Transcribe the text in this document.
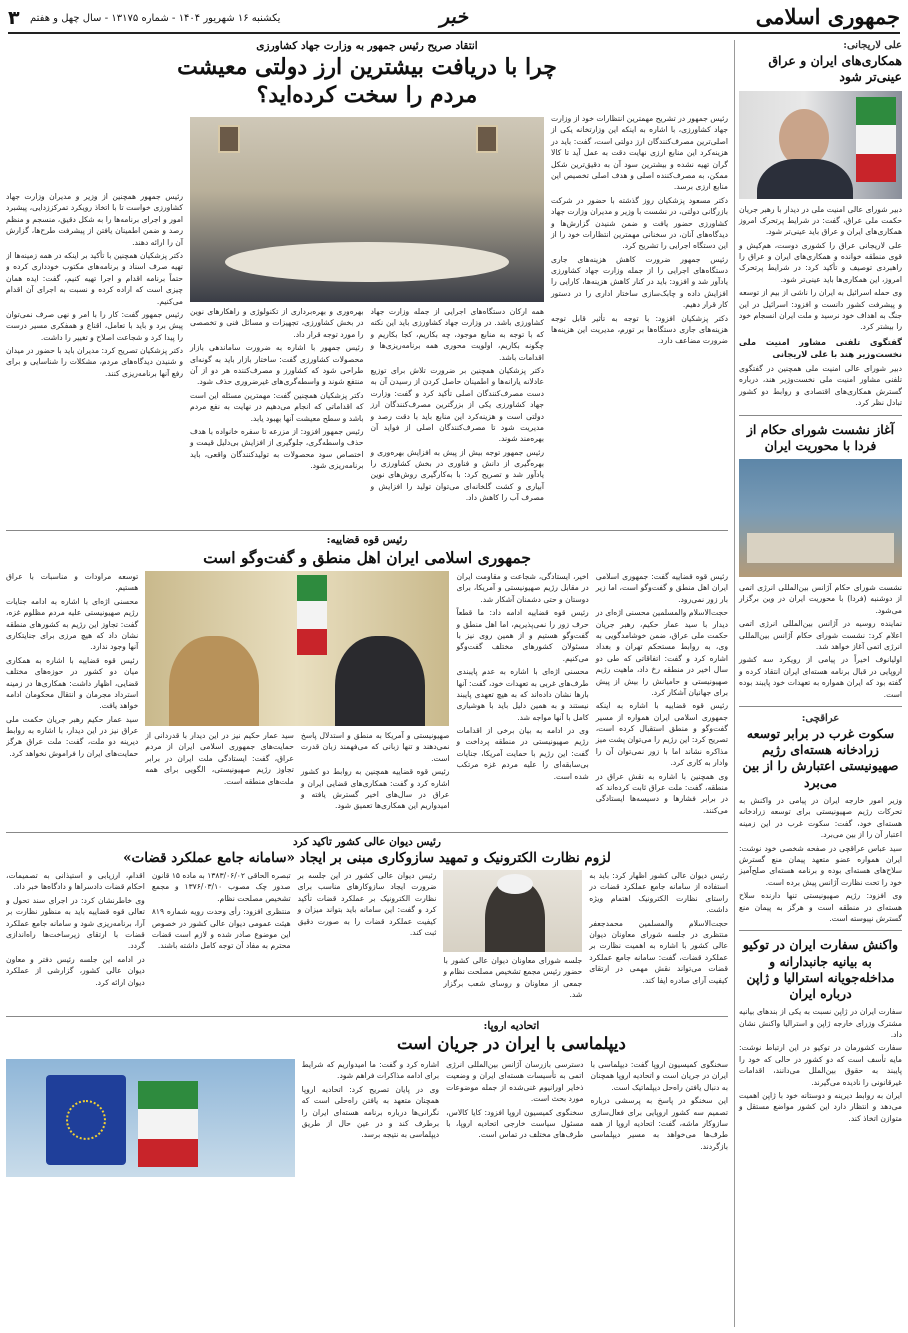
جمهوری اسلامی
خبر
یکشنبه ۱۶ شهریور ۱۴۰۴ - شماره ۱۳۱۷۵ - سال چهل و هفتم
۳
علی لاریجانی:
همکاری‌های ایران و عراق عینی‌تر شود

دبیر شورای عالی امنیت ملی در دیدار با رهبر جریان حکمت ملی عراق، گفت: در شرایط پرتحرک امروز همکاری‌های ایران و عراق باید عینی‌تر شود.

علی لاریجانی عراق را کشوری دوست، هم‌کیش و قوی منطقه خوانده و همکاری‌های ایران و عراق را راهبردی توصیف و تأکید کرد: در شرایط پرتحرک امروز، این همکاری‌ها باید عینی‌تر شود.

وی حمله اسرائیل به ایران را ناشی از بیم از توسعه و پیشرفت کشور دانست و افزود: اسرائیل در این جنگ به اهداف خود نرسید و ملت ایران انسجام خود را بیشتر کرد.

گفتگوی تلفنی مشاور امنیت ملی نخست‌وزیر هند با علی لاریجانی

دبیر شورای عالی امنیت ملی همچنین در گفتگوی تلفنی مشاور امنیت ملی نخست‌وزیر هند، درباره گسترش همکاری‌های اقتصادی و روابط دو کشور تبادل نظر کرد.

آغاز نشست شورای حکام از فردا با محوریت ایران

نشست شورای حکام آژانس بین‌المللی انرژی اتمی از دوشنبه (فردا) با محوریت ایران در وین برگزار می‌شود.

نماینده روسیه در آژانس بین‌المللی انرژی اتمی اعلام کرد: نشست شورای حکام آژانس بین‌المللی انرژی اتمی آغاز خواهد شد.

اولیانوف اخیراً در پیامی از رویکرد سه کشور اروپایی در قبال برنامه هسته‌ای ایران انتقاد کرده و گفته بود که ایران همواره به تعهدات خود پایبند بوده است.

عراقچی:
سکوت غرب در برابر توسعه زرادخانه هسته‌ای رژیم صهیونیستی اعتبارش را از بین می‌برد

وزیر امور خارجه ایران در پیامی در واکنش به تحرکات رژیم صهیونیستی برای توسعه زرادخانه هسته‌ای خود، گفت: سکوت غرب در این زمینه اعتبار آن را از بین می‌برد.

سید عباس عراقچی در صفحه شخصی خود نوشت: ایران همواره عضو متعهد پیمان منع گسترش سلاح‌های هسته‌ای بوده و برنامه هسته‌ای صلح‌آمیز خود را تحت نظارت آژانس پیش برده است.

وی افزود: رژیم صهیونیستی تنها دارنده سلاح هسته‌ای در منطقه است و هرگز به پیمان منع گسترش نپیوسته است.

واکنش سفارت ایران در توکیو به بیانیه جانبدارانه و مداخله‌جویانه استرالیا و ژاپن درباره ایران

سفارت ایران در ژاپن نسبت به یکی از بندهای بیانیه مشترک وزرای خارجه ژاپن و استرالیا واکنش نشان داد.

سفارت کشورمان در توکیو در این ارتباط نوشت: مایه تأسف است که دو کشور در حالی که خود را پایبند به حقوق بین‌الملل می‌دانند، اقدامات غیرقانونی را نادیده می‌گیرند.

ایران به روابط دیرینه و دوستانه خود با ژاپن اهمیت می‌دهد و انتظار دارد این کشور مواضع مستقل و متوازن اتخاذ کند.

انتقاد صریح رئیس جمهور به وزارت جهاد کشاورزی
چرا با دریافت بیشترین ارز دولتی معیشت مردم را سخت کرده‌اید؟

رئیس جمهور در تشریح مهمترین انتظارات خود از وزارت جهاد کشاورزی، با اشاره به اینکه این وزارتخانه یکی از اصلی‌ترین مصرف‌کنندگان ارز دولتی است، گفت: باید در هزینه‌کرد این منابع ارزی نهایت دقت به عمل آید تا کالا گران تهیه نشده و بیشترین سود آن به دقیق‌ترین شکل ممکن، به مصرف‌کننده اصلی و هدف اصلی تخصیص این منابع ارزی برسد.

دکتر مسعود پزشکیان روز گذشته با حضور در شرکت بازرگانی دولتی، در نشست با وزیر و مدیران وزارت جهاد کشاورزی حضور یافت و ضمن شنیدن گزارش‌ها و دیدگاه‌های آنان، در سخنانی مهمترین انتظارات خود را از این دستگاه اجرایی را تشریح کرد.

رئیس جمهور ضرورت کاهش هزینه‌های جاری دستگاه‌های اجرایی را از جمله وزارت جهاد کشاورزی یادآور شد و افزود: باید در کنار کاهش هزینه‌ها، کارایی را افزایش داده و چابک‌سازی ساختار اداری را در دستور کار قرار دهیم.

دکتر پزشکیان افزود: با توجه به تأثیر قابل توجه هزینه‌های جاری دستگاه‌ها بر تورم، مدیریت این هزینه‌ها ضرورت مضاعف دارد.

همه ارکان دستگاه‌های اجرایی از جمله وزارت جهاد کشاورزی باشد. در وزارت جهاد کشاورزی باید این نکته که با توجه به منابع موجود، چه بکاریم، کجا بکاریم و چگونه بکاریم، اولویت محوری همه برنامه‌ریزی‌ها و اقدامات باشد.

دکتر پزشکیان همچنین بر ضرورت تلاش برای توزیع عادلانه یارانه‌ها و اطمینان حاصل کردن از رسیدن آن به دست مصرف‌کنندگان اصلی تأکید کرد و گفت: وزارت جهاد کشاورزی یکی از بزرگترین مصرف‌کنندگان ارز دولتی است و هزینه‌کرد این منابع باید با دقت رصد و مدیریت شود تا مصرف‌کنندگان اصلی از فواید آن بهره‌مند شوند.

رئیس جمهور توجه بیش از پیش به افزایش بهره‌وری و بهره‌گیری از دانش و فناوری در بخش کشاورزی را یادآور شد و تصریح کرد: با به‌کارگیری روش‌های نوین آبیاری و کشت گلخانه‌ای می‌توان تولید را افزایش و مصرف آب را کاهش داد.

بهره‌وری و بهره‌برداری از تکنولوژی و راهکارهای نوین در بخش کشاورزی، تجهیزات و مسائل فنی و تخصصی را مورد توجه قرار داد.

رئیس جمهور با اشاره به ضرورت ساماندهی بازار محصولات کشاورزی گفت: ساختار بازار باید به گونه‌ای طراحی شود که کشاورز و مصرف‌کننده هر دو از آن منتفع شوند و واسطه‌گری‌های غیرضروری حذف شود.

دکتر پزشکیان همچنین گفت: مهمترین مسئله این است که اقداماتی که انجام می‌دهیم در نهایت به نفع مردم باشد و سطح معیشت آنها بهبود یابد.

رئیس جمهور افزود: از مزرعه تا سفره خانواده با هدف حذف واسطه‌گری، جلوگیری از افزایش بی‌دلیل قیمت و اختصاص سود محصولات به تولیدکنندگان واقعی، باید برنامه‌ریزی شود.

رئیس جمهور همچنین از وزیر و مدیران وزارت جهاد کشاورزی خواست تا با اتخاذ رویکرد تمرکززدایی، پیشبرد امور و اجرای برنامه‌ها را به شکل دقیق، منسجم و منظم رصد و ضمن اطمینان یافتن از پیشرفت طرح‌ها، گزارش آن را ارائه دهند.

دکتر پزشکیان همچنین با تأکید بر اینکه در همه زمینه‌ها از تهیه صرف اسناد و برنامه‌های مکتوب خودداری کرده و حتماً برنامه اقدام و اجرا تهیه کنیم، گفت: ایده همان چیزی است که اراده کرده و نسبت به اجرای آن اقدام می‌کنیم.

رئیس جمهور گفت: کار را با امر و نهی صرف نمی‌توان پیش برد و باید با تعامل، اقناع و همفکری مسیر درست را پیدا کرد و شجاعت اصلاح و تغییر را داشت.

دکتر پزشکیان تصریح کرد: مدیران باید با حضور در میدان و شنیدن دیدگاه‌های مردم، مشکلات را شناسایی و برای رفع آنها برنامه‌ریزی کنند.

رئیس قوه قضاییه:
جمهوری اسلامی ایران اهل منطق و گفت‌وگو است

رئیس قوه قضاییه گفت: جمهوری اسلامی ایران اهل منطق و گفت‌وگو است، اما زیر بار زور نمی‌رود.

حجت‌الاسلام والمسلمین محسنی اژه‌ای در دیدار با سید عمار حکیم، رهبر جریان حکمت ملی عراق، ضمن خوشامدگویی به وی، به روابط مستحکم تهران و بغداد اشاره کرد و گفت: اتفاقاتی که طی دو سال اخیر در منطقه رخ داد، ماهیت رژیم صهیونیستی و حامیانش را بیش از پیش برای جهانیان آشکار کرد.

رئیس قوه قضاییه با اشاره به اینکه جمهوری اسلامی ایران همواره از مسیر گفت‌وگو و منطق استقبال کرده است، تصریح کرد: این رژیم را می‌توان پشت میز مذاکره نشاند اما با زور نمی‌توان آن را وادار به کاری کرد.

وی همچنین با اشاره به نقش عراق در منطقه، گفت: ملت عراق ثابت کرده‌اند که در برابر فشارها و دسیسه‌ها ایستادگی می‌کنند.

اخیر، ایستادگی، شجاعت و مقاومت ایران در مقابل رژیم صهیونیستی و آمریکا، برای دوستان و حتی دشمنان آشکار شد.

رئیس قوه قضاییه ادامه داد: ما قطعاً حرف زور را نمی‌پذیریم، اما اهل منطق و گفت‌وگو هستیم و از همین روی نیز با مسئولان کشورهای مختلف گفت‌وگو می‌کنیم.

محسنی اژه‌ای با اشاره به عدم پایبندی طرف‌های غربی به تعهدات خود، گفت: آنها بارها نشان داده‌اند که به هیچ تعهدی پایبند نیستند و به همین دلیل باید با هوشیاری کامل با آنها مواجه شد.

وی در ادامه به بیان برخی از اقدامات رژیم صهیونیستی در منطقه پرداخت و گفت: این رژیم با حمایت آمریکا، جنایات بی‌سابقه‌ای را علیه مردم غزه مرتکب شده است.

صهیونیستی و آمریکا به منطق و استدلال پاسخ نمی‌دهند و تنها زبانی که می‌فهمند زبان قدرت است.

رئیس قوه قضاییه همچنین به روابط دو کشور اشاره کرد و گفت: همکاری‌های قضایی ایران و عراق در سال‌های اخیر گسترش یافته و امیدواریم این همکاری‌ها تعمیق شود.

سید عمار حکیم نیز در این دیدار با قدردانی از حمایت‌های جمهوری اسلامی ایران از مردم عراق، گفت: ایستادگی ملت ایران در برابر تجاوز رژیم صهیونیستی، الگویی برای همه ملت‌های منطقه است.

توسعه مراودات و مناسبات با عراق هستیم.

محسنی اژه‌ای با اشاره به ادامه جنایات رژیم صهیونیستی علیه مردم مظلوم غزه، گفت: تجاوز این رژیم به کشورهای منطقه نشان داد که هیچ مرزی برای جنایتکاری آنها وجود ندارد.

رئیس قوه قضاییه با اشاره به همکاری میان دو کشور در حوزه‌های مختلف قضایی، اظهار داشت: همکاری‌ها در زمینه استرداد مجرمان و انتقال محکومان ادامه خواهد یافت.

سید عمار حکیم رهبر جریان حکمت ملی عراق نیز در این دیدار، با اشاره به روابط دیرینه دو ملت، گفت: ملت عراق هرگز حمایت‌های ایران را فراموش نخواهد کرد.

رئیس دیوان عالی کشور تأکید کرد
لزوم نظارت الکترونیک و تمهید سازوکاری مبنی بر ایجاد «سامانه جامع عملکرد قضات»

رئیس دیوان عالی کشور اظهار کرد: باید به استفاده از سامانه جامع عملکرد قضات در راستای نظارت الکترونیک اهتمام ویژه داشت.

حجت‌الاسلام والمسلمین محمدجعفر منتظری در جلسه شورای معاونان دیوان عالی کشور با اشاره به اهمیت نظارت بر عملکرد قضات، گفت: سامانه جامع عملکرد قضات می‌تواند نقش مهمی در ارتقای کیفیت آرای صادره ایفا کند.

جلسه شورای معاونان دیوان عالی کشور با حضور رئیس مجمع تشخیص مصلحت نظام و جمعی از معاونان و روسای شعب برگزار شد.

رئیس دیوان عالی کشور در این جلسه بر ضرورت ایجاد سازوکارهای مناسب برای نظارت الکترونیک بر عملکرد قضات تأکید کرد و گفت: این سامانه باید بتواند میزان و کیفیت عملکرد قضات را به صورت دقیق ثبت کند.

تبصره الحاقی ۱۳۸۳/۰۶/۰۲ به ماده ۱۵ قانون صدور چک مصوب ۱۳۷۶/۰۳/۱۰ و مجمع تشخیص مصلحت نظام.

منتظری افزود: رأی وحدت رویه شماره ۸۱۹ هیئت عمومی دیوان عالی کشور در خصوص این موضوع صادر شده و لازم است قضات محترم به مفاد آن توجه کامل داشته باشند.

اقدام، ارزیابی و استیذانی به تصمیمات، احکام قضات دادسراها و دادگاه‌ها خبر داد.

وی خاطرنشان کرد: در اجرای سند تحول و تعالی قوه قضاییه باید به منظور نظارت بر آرا، برنامه‌ریزی شود و سامانه جامع عملکرد قضات با ارتقای زیرساخت‌ها راه‌اندازی گردد.

در ادامه این جلسه رئیس دفتر و معاون دیوان عالی کشور، گزارشی از عملکرد دیوان ارائه کرد.

اتحادیه اروپا:
دیپلماسی با ایران در جریان است

سخنگوی کمیسیون اروپا گفت: دیپلماسی با ایران در جریان است و اتحادیه اروپا همچنان به دنبال یافتن راه‌حل دیپلماتیک است.

این سخنگو در پاسخ به پرسشی درباره تصمیم سه کشور اروپایی برای فعال‌سازی سازوکار ماشه، گفت: اتحادیه اروپا از همه طرف‌ها می‌خواهد به مسیر دیپلماسی بازگردند.

دسترسی بازرسان آژانس بین‌المللی انرژی اتمی به تأسیسات هسته‌ای ایران و وضعیت ذخایر اورانیوم غنی‌شده از جمله موضوعات مورد بحث است.

سخنگوی کمیسیون اروپا افزود: کایا کالاس، مسئول سیاست خارجی اتحادیه اروپا، با طرف‌های مختلف در تماس است.

اشاره کرد و گفت: ما امیدواریم که شرایط برای ادامه مذاکرات فراهم شود.

وی در پایان تصریح کرد: اتحادیه اروپا همچنان متعهد به یافتن راه‌حلی است که نگرانی‌ها درباره برنامه هسته‌ای ایران را برطرف کند و در عین حال از طریق دیپلماسی به نتیجه برسد.
